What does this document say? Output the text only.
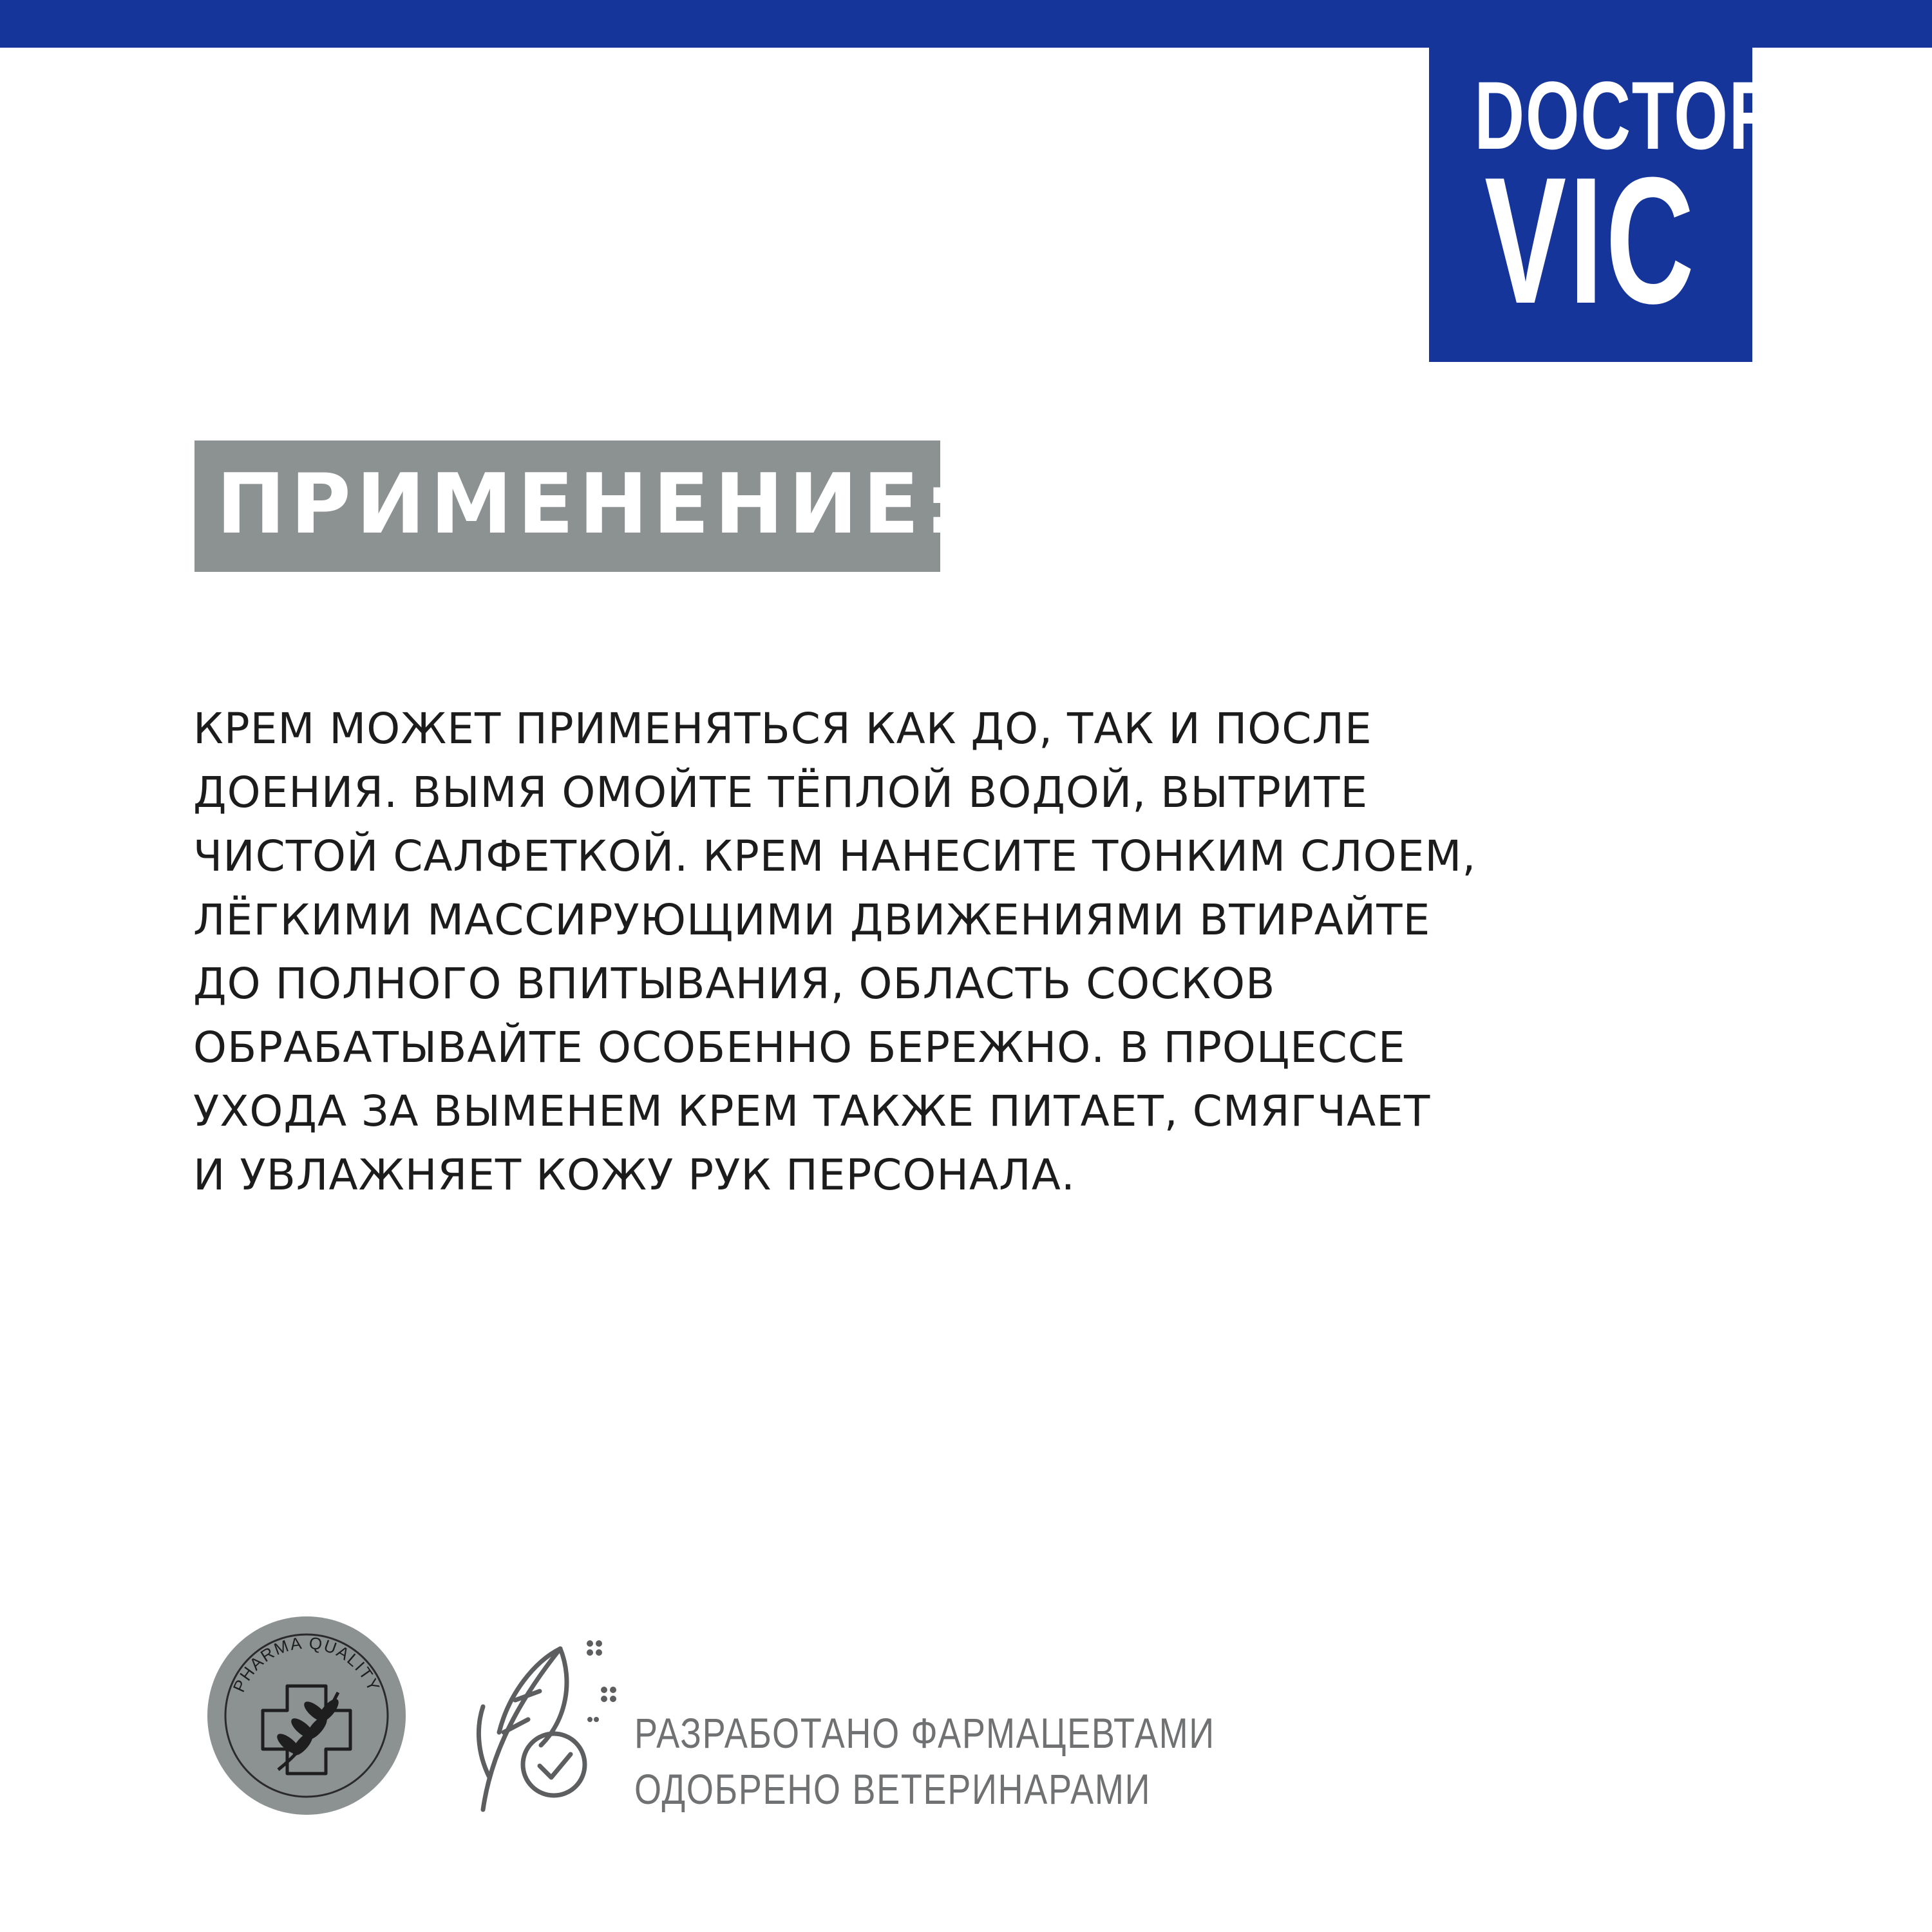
DOCTOR
VIC
ПРИМЕНЕНИЕ:
КРЕМ МОЖЕТ ПРИМЕНЯТЬСЯ КАК ДО, ТАК И ПОСЛЕ
ДОЕНИЯ. ВЫМЯ ОМОЙТЕ ТЁПЛОЙ ВОДОЙ, ВЫТРИТЕ
ЧИСТОЙ САЛФЕТКОЙ. КРЕМ НАНЕСИТЕ ТОНКИМ СЛОЕМ,
ЛЁГКИМИ МАССИРУЮЩИМИ ДВИЖЕНИЯМИ ВТИРАЙТЕ
ДО ПОЛНОГО ВПИТЫВАНИЯ, ОБЛАСТЬ СОСКОВ
ОБРАБАТЫВАЙТЕ ОСОБЕННО БЕРЕЖНО. В ПРОЦЕССЕ
УХОДА ЗА ВЫМЕНЕМ КРЕМ ТАКЖЕ ПИТАЕТ, СМЯГЧАЕТ
И УВЛАЖНЯЕТ КОЖУ РУК ПЕРСОНАЛА.
PHARMA QUALITY
РАЗРАБОТАНО ФАРМАЦЕВТАМИ
ОДОБРЕНО ВЕТЕРИНАРАМИ
